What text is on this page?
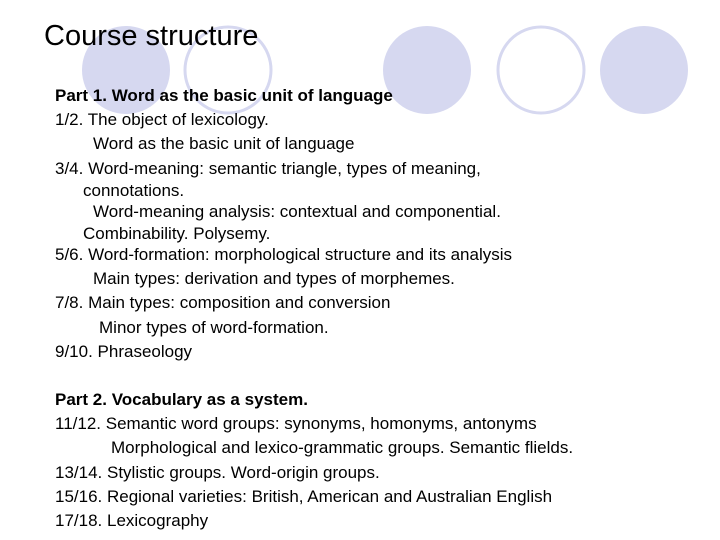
Course structure
Part 1. Word as the basic unit of language
1/2. The object of lexicology.
Word as the basic unit of language
3/4. Word-meaning: semantic triangle, types of meaning,
connotations.
Word-meaning analysis: contextual and componential.
Combinability. Polysemy.
5/6. Word-formation: morphological structure and its analysis
Main types: derivation and types of morphemes.
7/8. Main types: composition and conversion
Minor types of word-formation.
9/10. Phraseology
Part 2. Vocabulary as a system.
11/12. Semantic word groups: synonyms, homonyms, antonyms
Morphological and lexico-grammatic groups. Semantic flields.
13/14. Stylistic groups. Word-origin groups.
15/16. Regional varieties: British, American and Australian English
17/18. Lexicography
